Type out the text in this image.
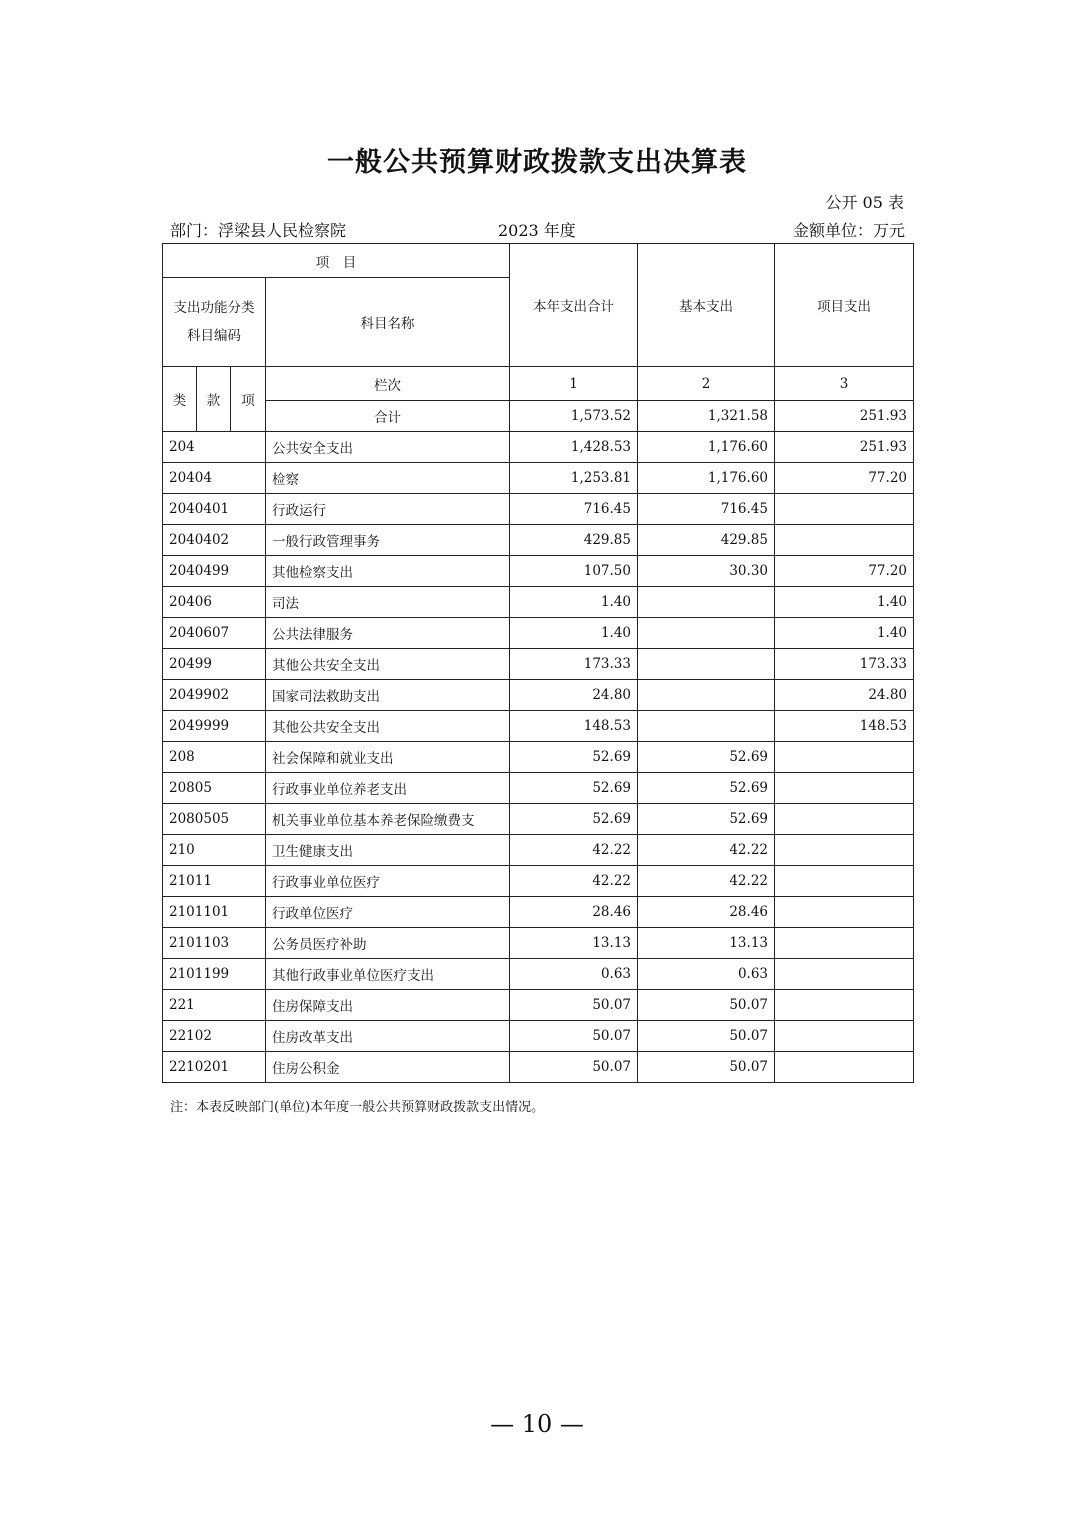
一般公共预算财政拨款支出决算表
公开 05 表
部门：浮梁县人民检察院	2023 年度	金额单位：万元
项　目				本年支出合计	基本支出	项目支出

支出功能分类
科目编码			科目名称			
类	款	项	栏次	1	2	3
			合计	1,573.52	1,321.58	251.93
204			公共安全支出	1,428.53	1,176.60	251.93
20404			检察	1,253.81	1,176.60	77.20
2040401			行政运行	716.45	716.45	
2040402			一般行政管理事务	429.85	429.85	
2040499			其他检察支出	107.50	30.30	77.20
20406			司法	1.40		1.40
2040607			公共法律服务	1.40		1.40
20499			其他公共安全支出	173.33		173.33
2049902			国家司法救助支出	24.80		24.80
2049999			其他公共安全支出	148.53		148.53
208			社会保障和就业支出	52.69	52.69	
20805			行政事业单位养老支出	52.69	52.69	
2080505			机关事业单位基本养老保险缴费支	52.69	52.69	
210			卫生健康支出	42.22	42.22	
21011			行政事业单位医疗	42.22	42.22	
2101101			行政单位医疗	28.46	28.46	
2101103			公务员医疗补助	13.13	13.13	
2101199			其他行政事业单位医疗支出	0.63	0.63	
221			住房保障支出	50.07	50.07	
22102			住房改革支出	50.07	50.07	
2210201			住房公积金	50.07	50.07	
注：本表反映部门(单位)本年度一般公共预算财政拨款支出情况。
— 10 —
